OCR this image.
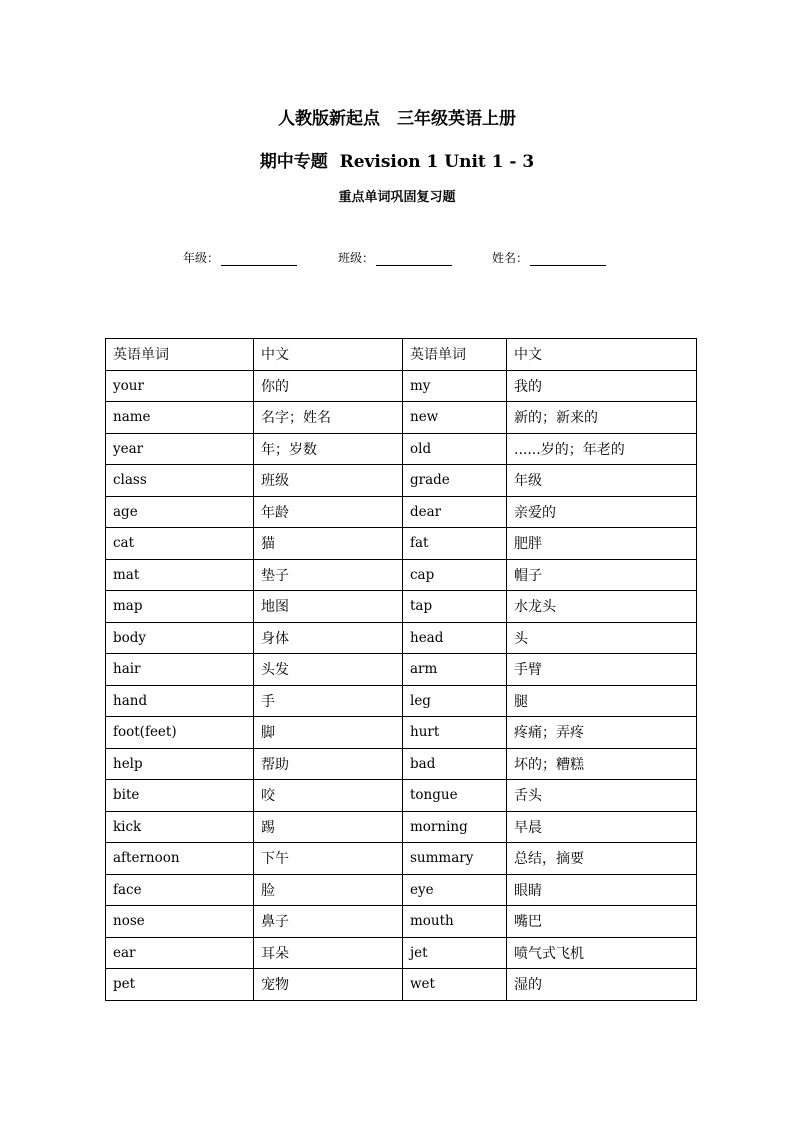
人教版新起点　三年级英语上册
期中专题  Revision 1 Unit 1 - 3
重点单词巩固复习题
年级：	班级：	姓名：
英语单词	中文	英语单词	中文
your	你的	my	我的
name	名字；姓名	new	新的；新来的
year	年；岁数	old	......岁的；年老的
class	班级	grade	年级
age	年龄	dear	亲爱的
cat	猫	fat	肥胖
mat	垫子	cap	帽子
map	地图	tap	水龙头
body	身体	head	头
hair	头发	arm	手臂
hand	手	leg	腿
foot(feet)	脚	hurt	疼痛；弄疼
help	帮助	bad	坏的；糟糕
bite	咬	tongue	舌头
kick	踢	morning	早晨
afternoon	下午	summary	总结，摘要
face	脸	eye	眼睛
nose	鼻子	mouth	嘴巴
ear	耳朵	jet	喷气式飞机
pet	宠物	wet	湿的
